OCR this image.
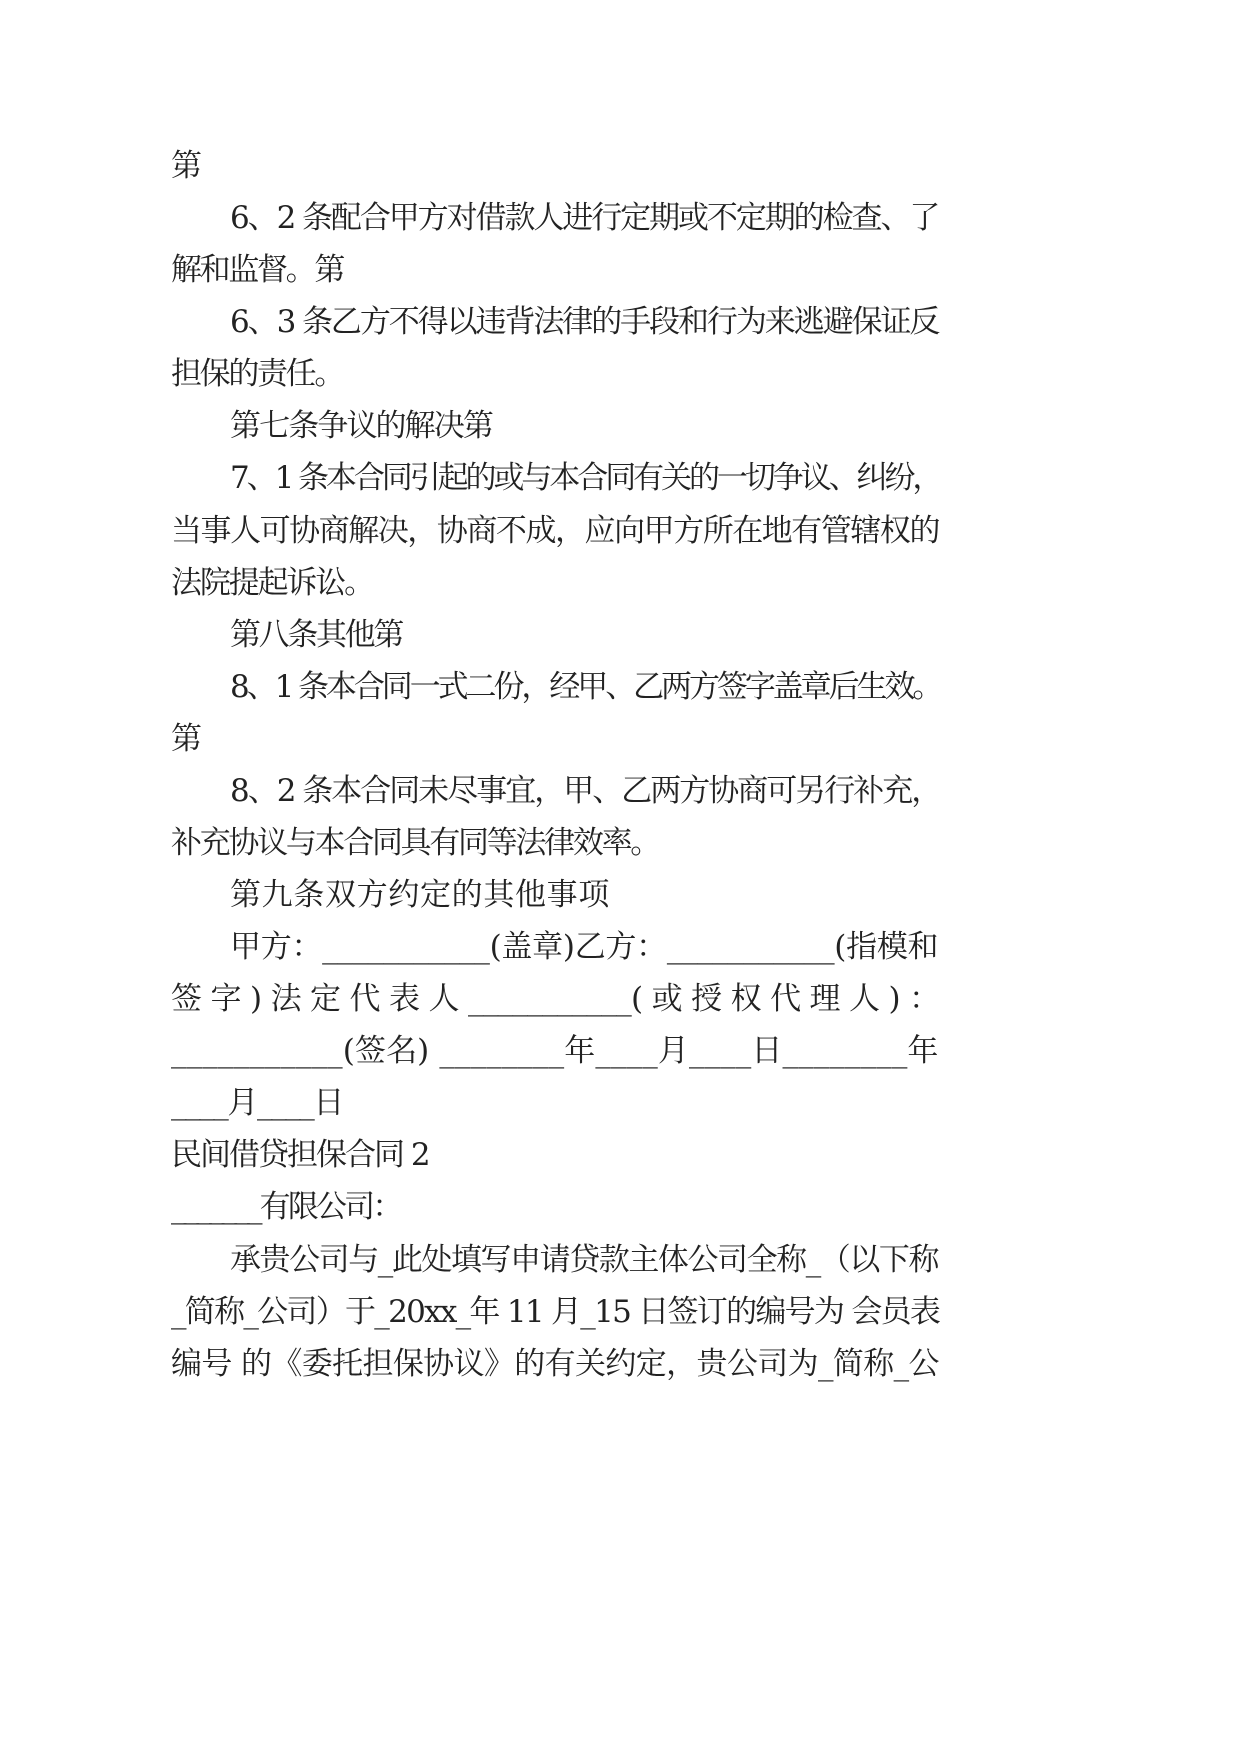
第
6、2 条配合甲方对借款人进行定期或不定期的检查、了
解和监督。第
6、3 条乙方不得以违背法律的手段和行为来逃避保证反
担保的责任。
第七条争议的解决第
7、1 条本合同引起的或与本合同有关的一切争议、纠纷，
当事人可协商解决，协商不成，应向甲方所在地有管辖权的
法院提起诉讼。
第八条其他第
8、1 条本合同一式二份，经甲、乙两方签字盖章后生效。
第
8、2 条本合同未尽事宜，甲、乙两方协商可另行补充，
补充协议与本合同具有同等法律效率。
第九条双方约定的其他事项
甲方：___________(盖章)乙方：___________(指模和
签 字 ) 法 定 代 表 人 ___________( 或 授 权 代 理 人 ) ：
___________(签名) ________年____月____日________年
____月____日
民间借贷担保合同 2
_______有限公司：
承贵公司与_此处填写申请贷款主体公司全称_（以下称
_简称_公司）于_20xx_年 11 月_15 日签订的编号为 会员表
编号 的《委托担保协议》的有关约定，贵公司为_简称_公
